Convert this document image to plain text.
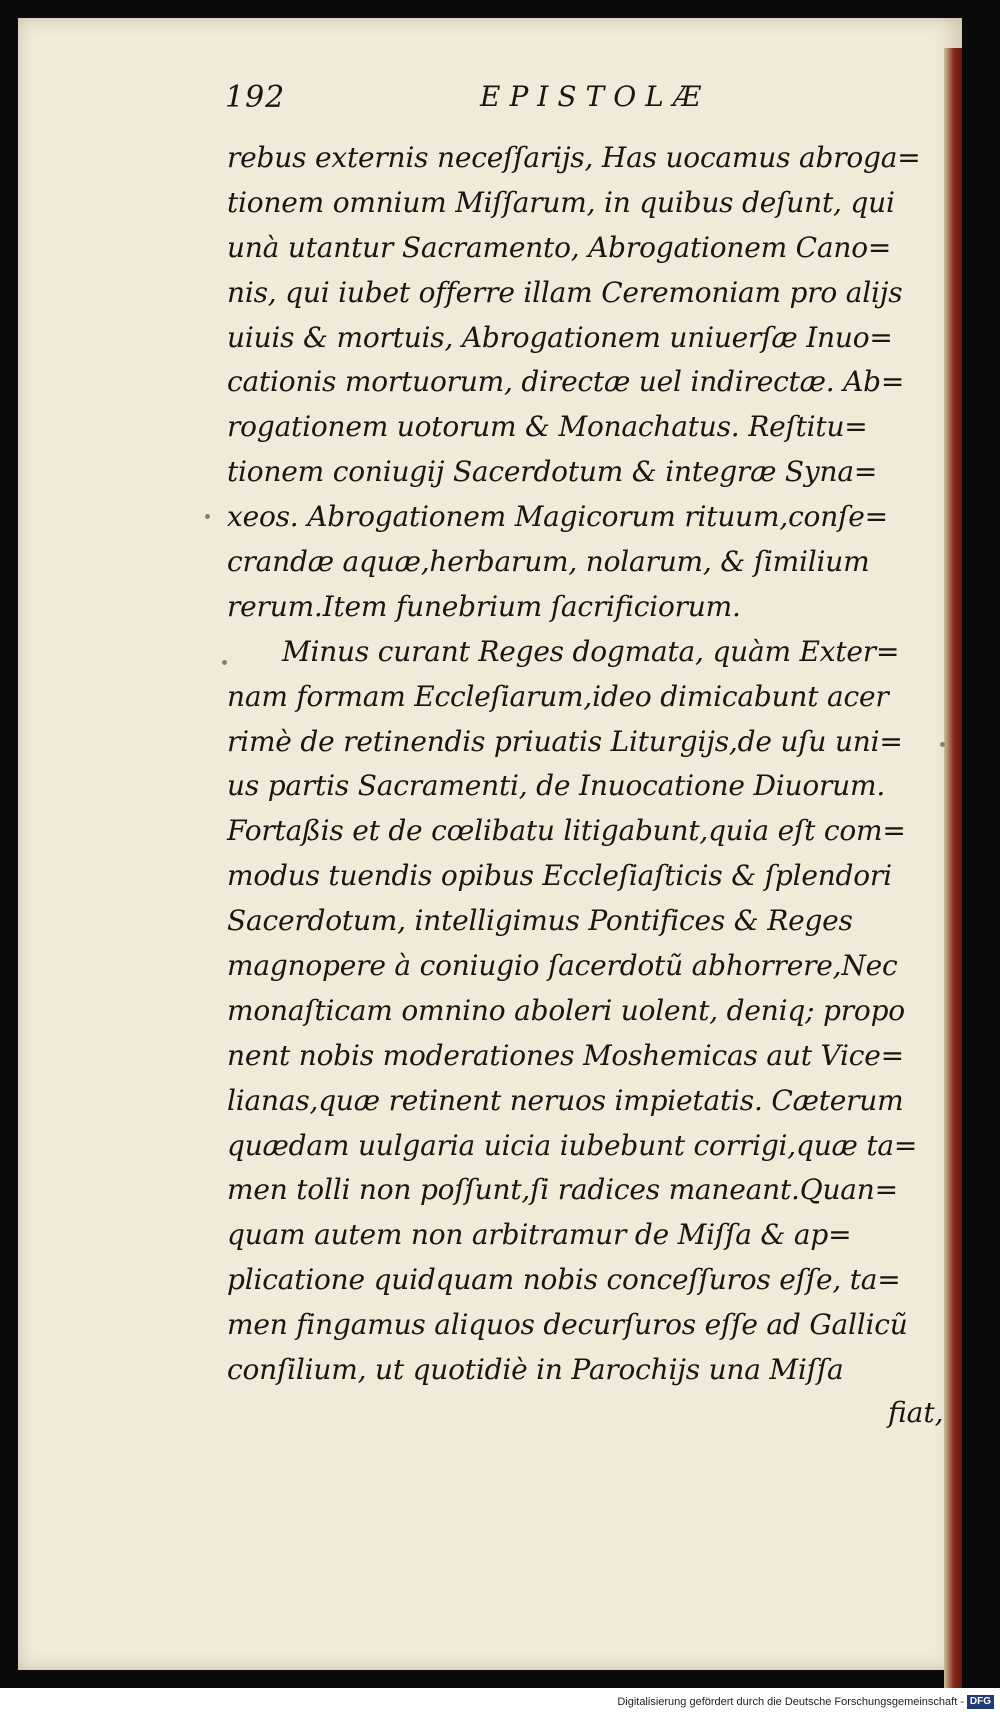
192	EPISTOLÆ
rebus externis neceſſarijs, Has uocamus abroga=
tionem omnium Miſſarum, in quibus deſunt, qui
unà utantur Sacramento, Abrogationem Cano=
nis, qui iubet offerre illam Ceremoniam pro alijs
uiuis & mortuis, Abrogationem uniuerſæ Inuo=
cationis mortuorum, directæ uel indirectæ. Ab=
rogationem uotorum & Monachatus. Reſtitu=
tionem coniugij Sacerdotum & integræ Syna=
xeos. Abrogationem Magicorum rituum,conſe=
crandæ aquæ,herbarum, nolarum, & ſimilium
rerum.Item funebrium ſacrificiorum.
Minus curant Reges dogmata, quàm Exter=
nam formam Eccleſiarum,ideo dimicabunt acer
rimè de retinendis priuatis Liturgijs,de uſu uni=
us partis Sacramenti, de Inuocatione Diuorum.
Fortaßis et de cœlibatu litigabunt,quia eſt com=
modus tuendis opibus Eccleſiaſticis & ſplendori
Sacerdotum, intelligimus Pontifices & Reges
magnopere à coniugio ſacerdotũ abhorrere,Nec
monaſticam omnino aboleri uolent, deniq; propo
nent nobis moderationes Moshemicas aut Vice=
lianas,quæ retinent neruos impietatis. Cæterum
quædam uulgaria uicia iubebunt corrigi,quæ ta=
men tolli non poſſunt,ſi radices maneant.Quan=
quam autem non arbitramur de Miſſa & ap=
plicatione quidquam nobis conceſſuros eſſe, ta=
men fingamus aliquos decurſuros eſſe ad Gallicũ
conſilium, ut quotidiè in Parochijs una Miſſa
fiat,
Digitalisierung gefördert durch die Deutsche Forschungsgemeinschaft - DFG
